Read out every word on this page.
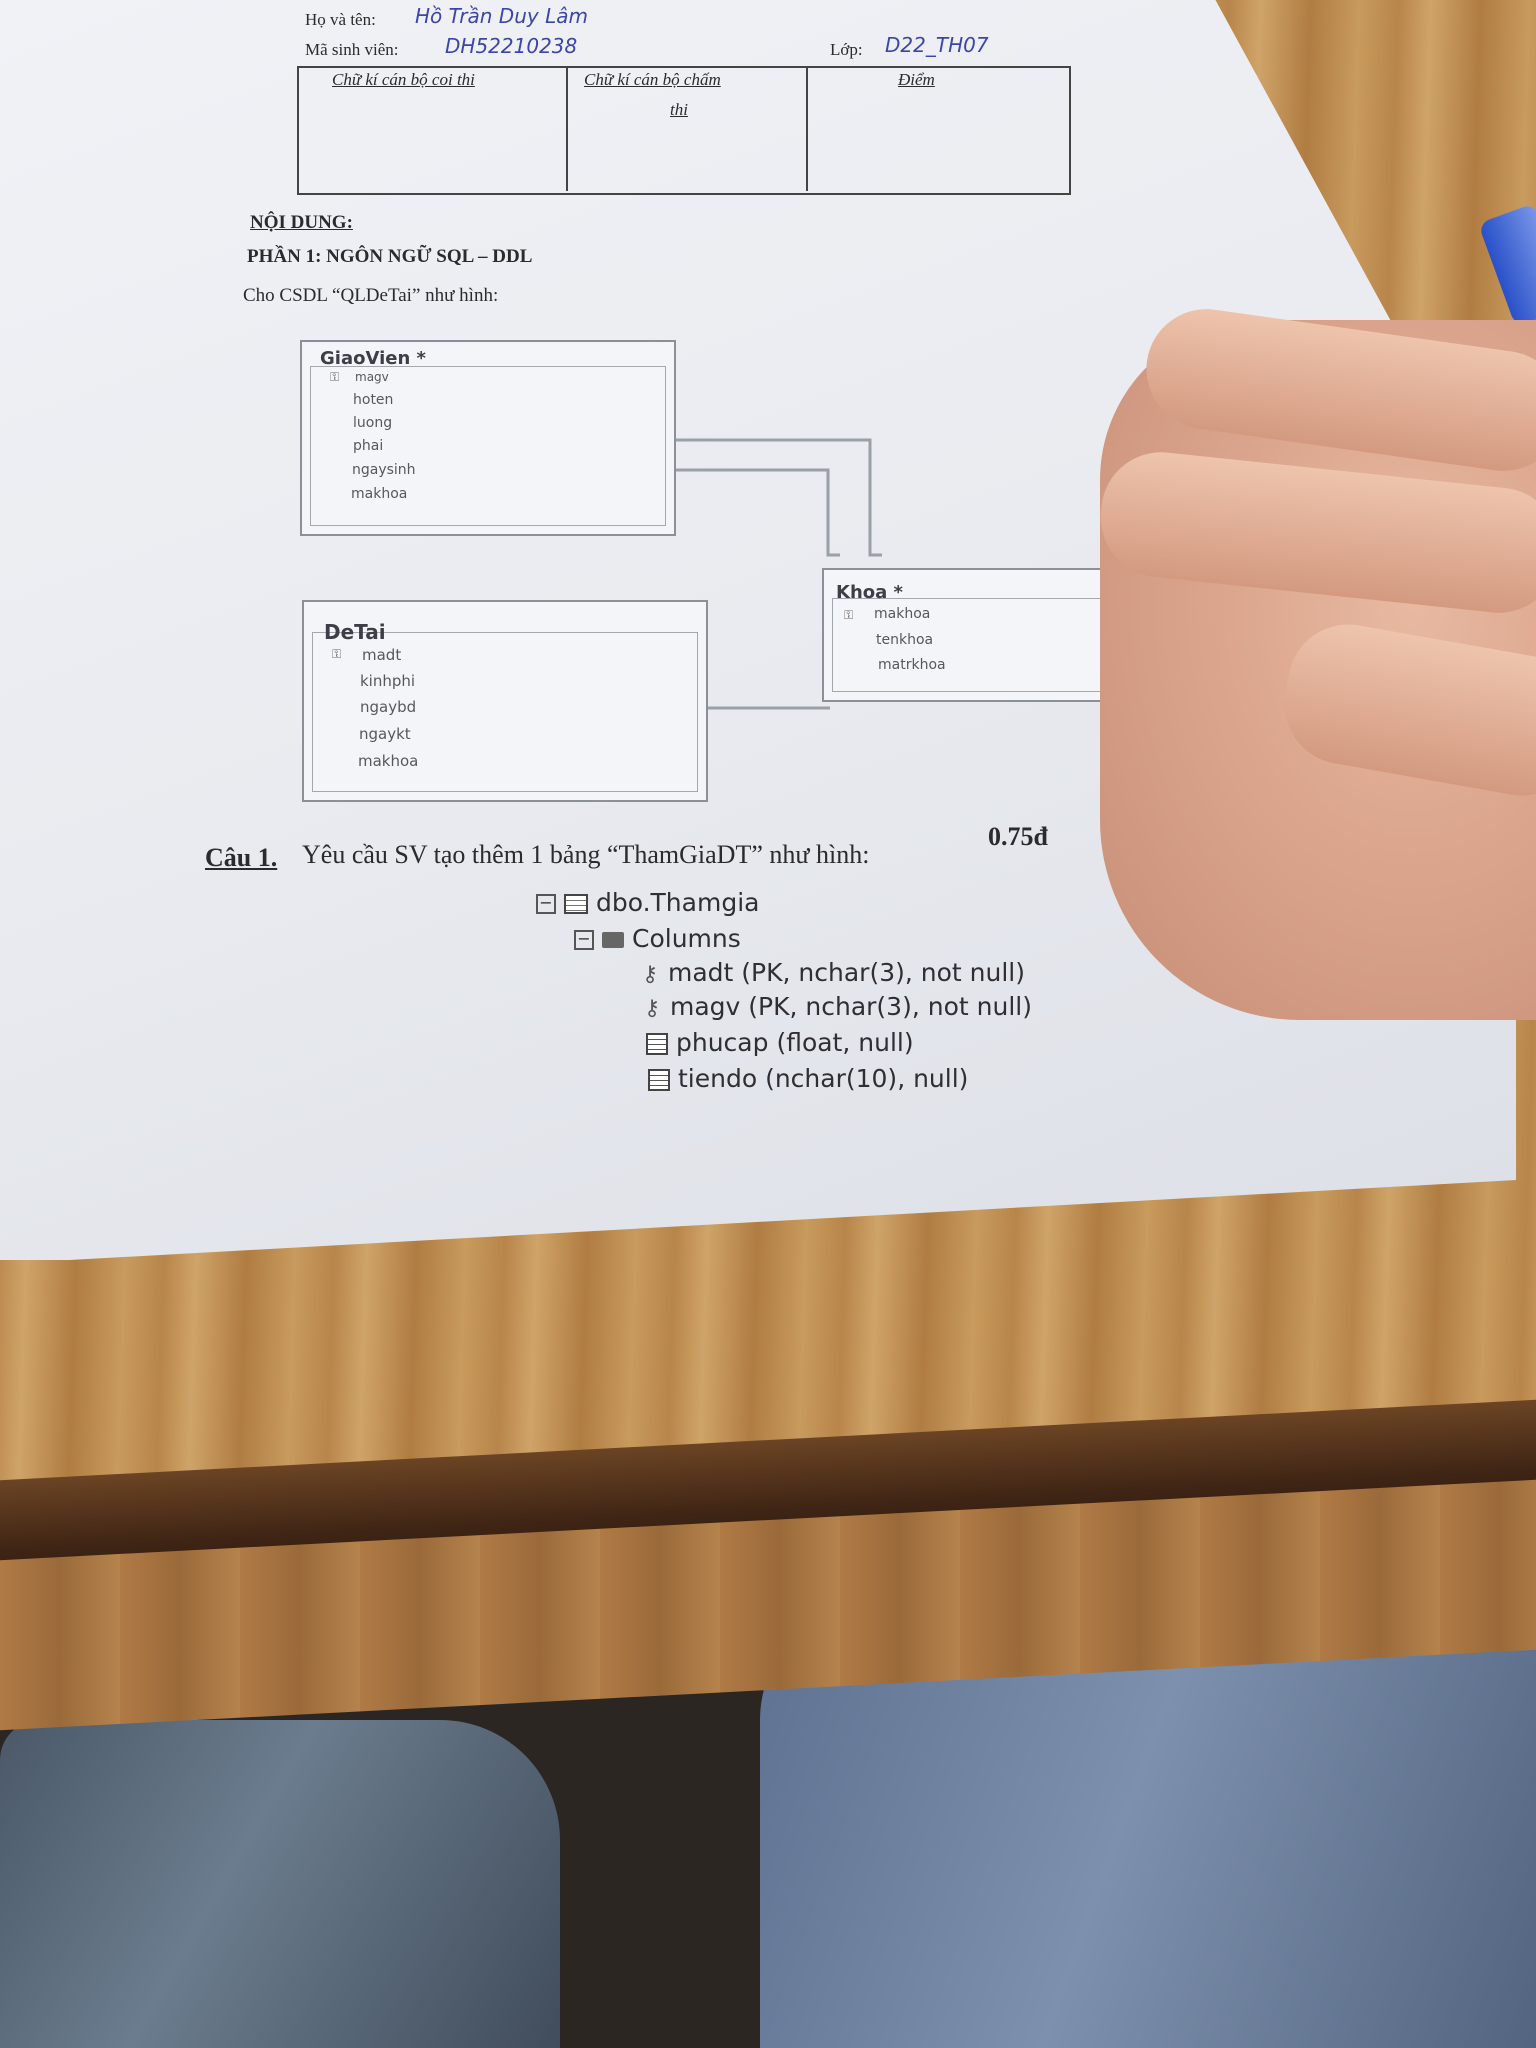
Họ và tên: Hồ Trần Duy Lâm
Mã sinh viên: DH52210238	Lớp: D22_TH07
Chữ kí cán bộ coi thi	Chữ kí cán bộ chấm
thi
Điểm
NỘI DUNG:
PHẦN 1: NGÔN NGỮ SQL – DDL
Cho CSDL “QLDeTai” như hình:
GiaoVien *
magv
⚿
hoten
luong
phai
ngaysinh
makhoa
DeTai
⚿ madt
kinhphi
ngaybd
ngaykt
makhoa
Khoa *
⚿ makhoa
tenkhoa
matrkhoa
Câu 1. Yêu cầu SV tạo thêm 1 bảng “ThamGiaDT” như hình:
0.75đ
− dbo.Thamgia
− Columns
⚷ madt (PK, nchar(3), not null)
⚷ magv (PK, nchar(3), not null)
phucap (float, null)
tiendo (nchar(10), null)
